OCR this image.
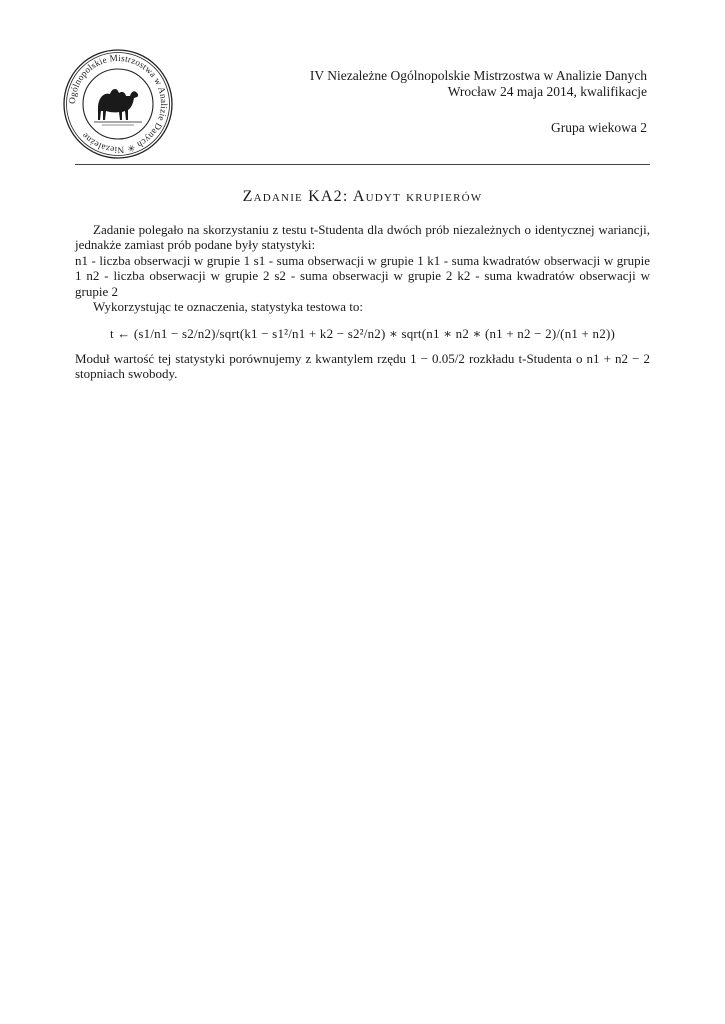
Ogólnopolskie Mistrzostwa w Analizie Danych ✳ Niezależne
IV Niezależne Ogólnopolskie Mistrzostwa w Analizie Danych
Wrocław 24 maja 2014, kwalifikacje
Grupa wiekowa 2
Zadanie KA2: Audyt krupierów

Zadanie polegało na skorzystaniu z testu t-Studenta dla dwóch prób niezależnych o identycznej wariancji, jednakże zamiast prób podane były statystyki:

n1 - liczba obserwacji w grupie 1 s1 - suma obserwacji w grupie 1 k1 - suma kwadratów obserwacji w grupie 1 n2 - liczba obserwacji w grupie 2 s2 - suma obserwacji w grupie 2 k2 - suma kwadratów obserwacji w grupie 2

Wykorzystując te oznaczenia, statystyka testowa to:

t ← (s1/n1 − s2/n2)/sqrt(k1 − s1²/n1 + k2 − s2²/n2) ∗ sqrt(n1 ∗ n2 ∗ (n1 + n2 − 2)/(n1 + n2))

Moduł wartość tej statystyki porównujemy z kwantylem rzędu 1 − 0.05/2 rozkładu t-Studenta o n1 + n2 − 2 stopniach swobody.
